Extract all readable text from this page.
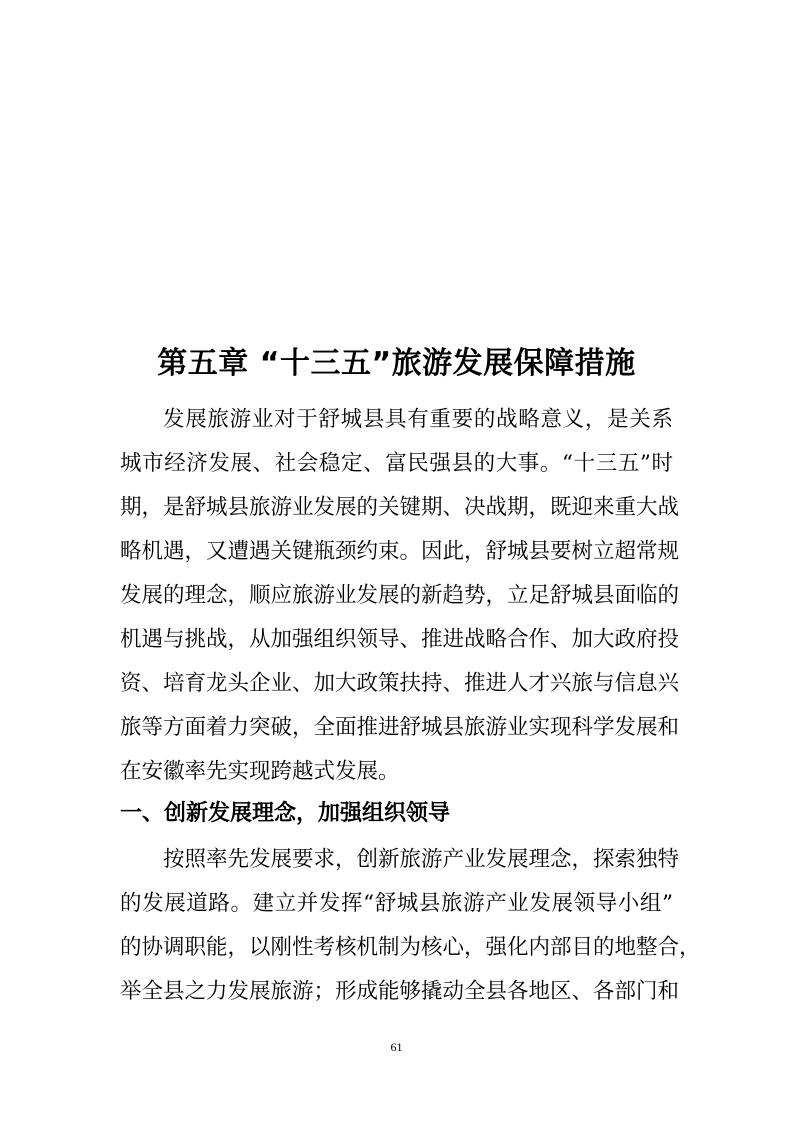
第五章 “十三五”旅游发展保障措施

发展旅游业对于舒城县具有重要的战略意义，是关系

城市经济发展、社会稳定、富民强县的大事。“十三五”时

期，是舒城县旅游业发展的关键期、决战期，既迎来重大战

略机遇，又遭遇关键瓶颈约束。因此，舒城县要树立超常规

发展的理念，顺应旅游业发展的新趋势，立足舒城县面临的

机遇与挑战，从加强组织领导、推进战略合作、加大政府投

资、培育龙头企业、加大政策扶持、推进人才兴旅与信息兴

旅等方面着力突破，全面推进舒城县旅游业实现科学发展和

在安徽率先实现跨越式发展。

一、创新发展理念，加强组织领导

按照率先发展要求，创新旅游产业发展理念，探索独特

的发展道路。建立并发挥“舒城县旅游产业发展领导小组”

的协调职能，以刚性考核机制为核心，强化内部目的地整合，

举全县之力发展旅游；形成能够撬动全县各地区、各部门和

61
